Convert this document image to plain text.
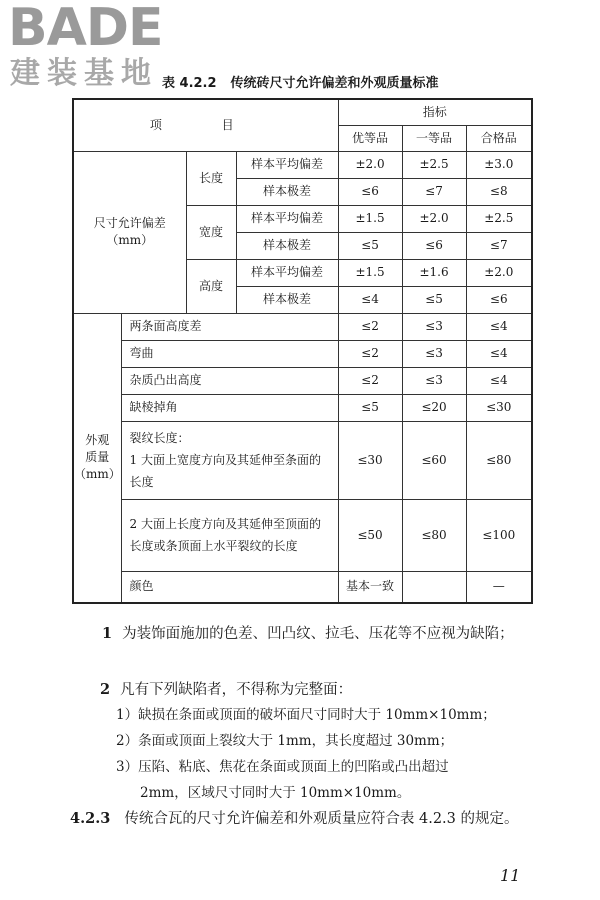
BADE
建装基地 表 4.2.2 传统砖尺寸允许偏差和外观质量标准
项 目				指标		
				优等品	一等品	合格品

尺寸允许偏差
（mm）		长度	样本平均偏差	±2.0	±2.5	±3.0
			样本极差	≤6	≤7	≤8
		宽度	样本平均偏差	±1.5	±2.0	±2.5
			样本极差	≤5	≤6	≤7
		高度	样本平均偏差	±1.5	±1.6	±2.0
			样本极差	≤4	≤5	≤6

外观
质量
（mm）	两条面高度差			≤2	≤3	≤4
	弯曲			≤2	≤3	≤4
	杂质凸出高度			≤2	≤3	≤4
	缺棱掉角			≤5	≤20	≤30

	裂纹长度：
1 大面上宽度方向及其延伸至条面的长度			≤30	≤60	≤80
	2 大面上长度方向及其延伸至顶面的长度或条顶面上水平裂纹的长度			≤50	≤80	≤100
	颜色			基本一致		—
1 为装饰面施加的色差、凹凸纹、拉毛、压花等不应视为缺陷；
2 凡有下列缺陷者，不得称为完整面：
1）缺损在条面或顶面的破坏面尺寸同时大于 10mm×10mm；
2）条面或顶面上裂纹大于 1mm，其长度超过 30mm；
3）压陷、粘底、焦花在条面或顶面上的凹陷或凸出超过
2mm，区域尺寸同时大于 10mm×10mm。
4.2.3 传统合瓦的尺寸允许偏差和外观质量应符合表 4.2.3 的规定。
11
